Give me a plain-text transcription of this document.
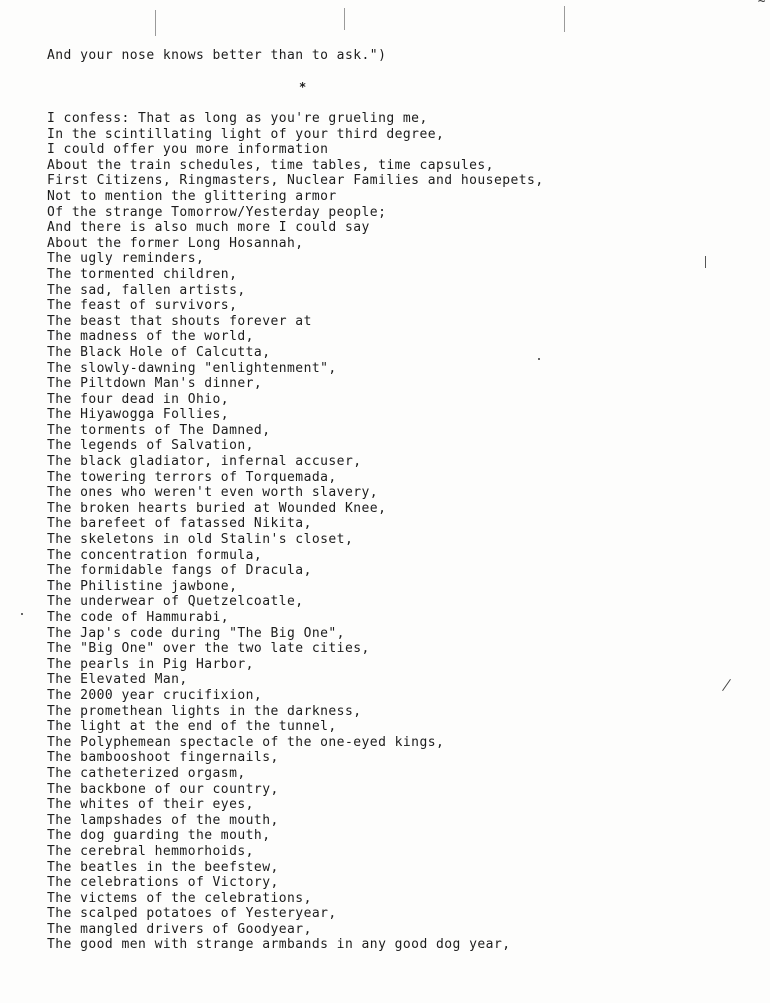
~
And your nose knows better than to ask.")
*
I confess: That as long as you're grueling me,
In the scintillating light of your third degree,
I could offer you more information
About the train schedules, time tables, time capsules,
First Citizens, Ringmasters, Nuclear Families and housepets,
Not to mention the glittering armor
Of the strange Tomorrow/Yesterday people;
And there is also much more I could say
About the former Long Hosannah,
The ugly reminders,
The tormented children,
The sad, fallen artists,
The feast of survivors,
The beast that shouts forever at
The madness of the world,
The Black Hole of Calcutta,
The slowly-dawning "enlightenment",
The Piltdown Man's dinner,
The four dead in Ohio,
The Hiyawogga Follies,
The torments of The Damned,
The legends of Salvation,
The black gladiator, infernal accuser,
The towering terrors of Torquemada,
The ones who weren't even worth slavery,
The broken hearts buried at Wounded Knee,
The barefeet of fatassed Nikita,
The skeletons in old Stalin's closet,
The concentration formula,
The formidable fangs of Dracula,
The Philistine jawbone,
The underwear of Quetzelcoatle,
The code of Hammurabi,
The Jap's code during "The Big One",
The "Big One" over the two late cities,
The pearls in Pig Harbor,
The Elevated Man,
The 2000 year crucifixion,
The promethean lights in the darkness,
The light at the end of the tunnel,
The Polyphemean spectacle of the one-eyed kings,
The bambooshoot fingernails,
The catheterized orgasm,
The backbone of our country,
The whites of their eyes,
The lampshades of the mouth,
The dog guarding the mouth,
The cerebral hemmorhoids,
The beatles in the beefstew,
The celebrations of Victory,
The victems of the celebrations,
The scalped potatoes of Yesteryear,
The mangled drivers of Goodyear,
The good men with strange armbands in any good dog year,
